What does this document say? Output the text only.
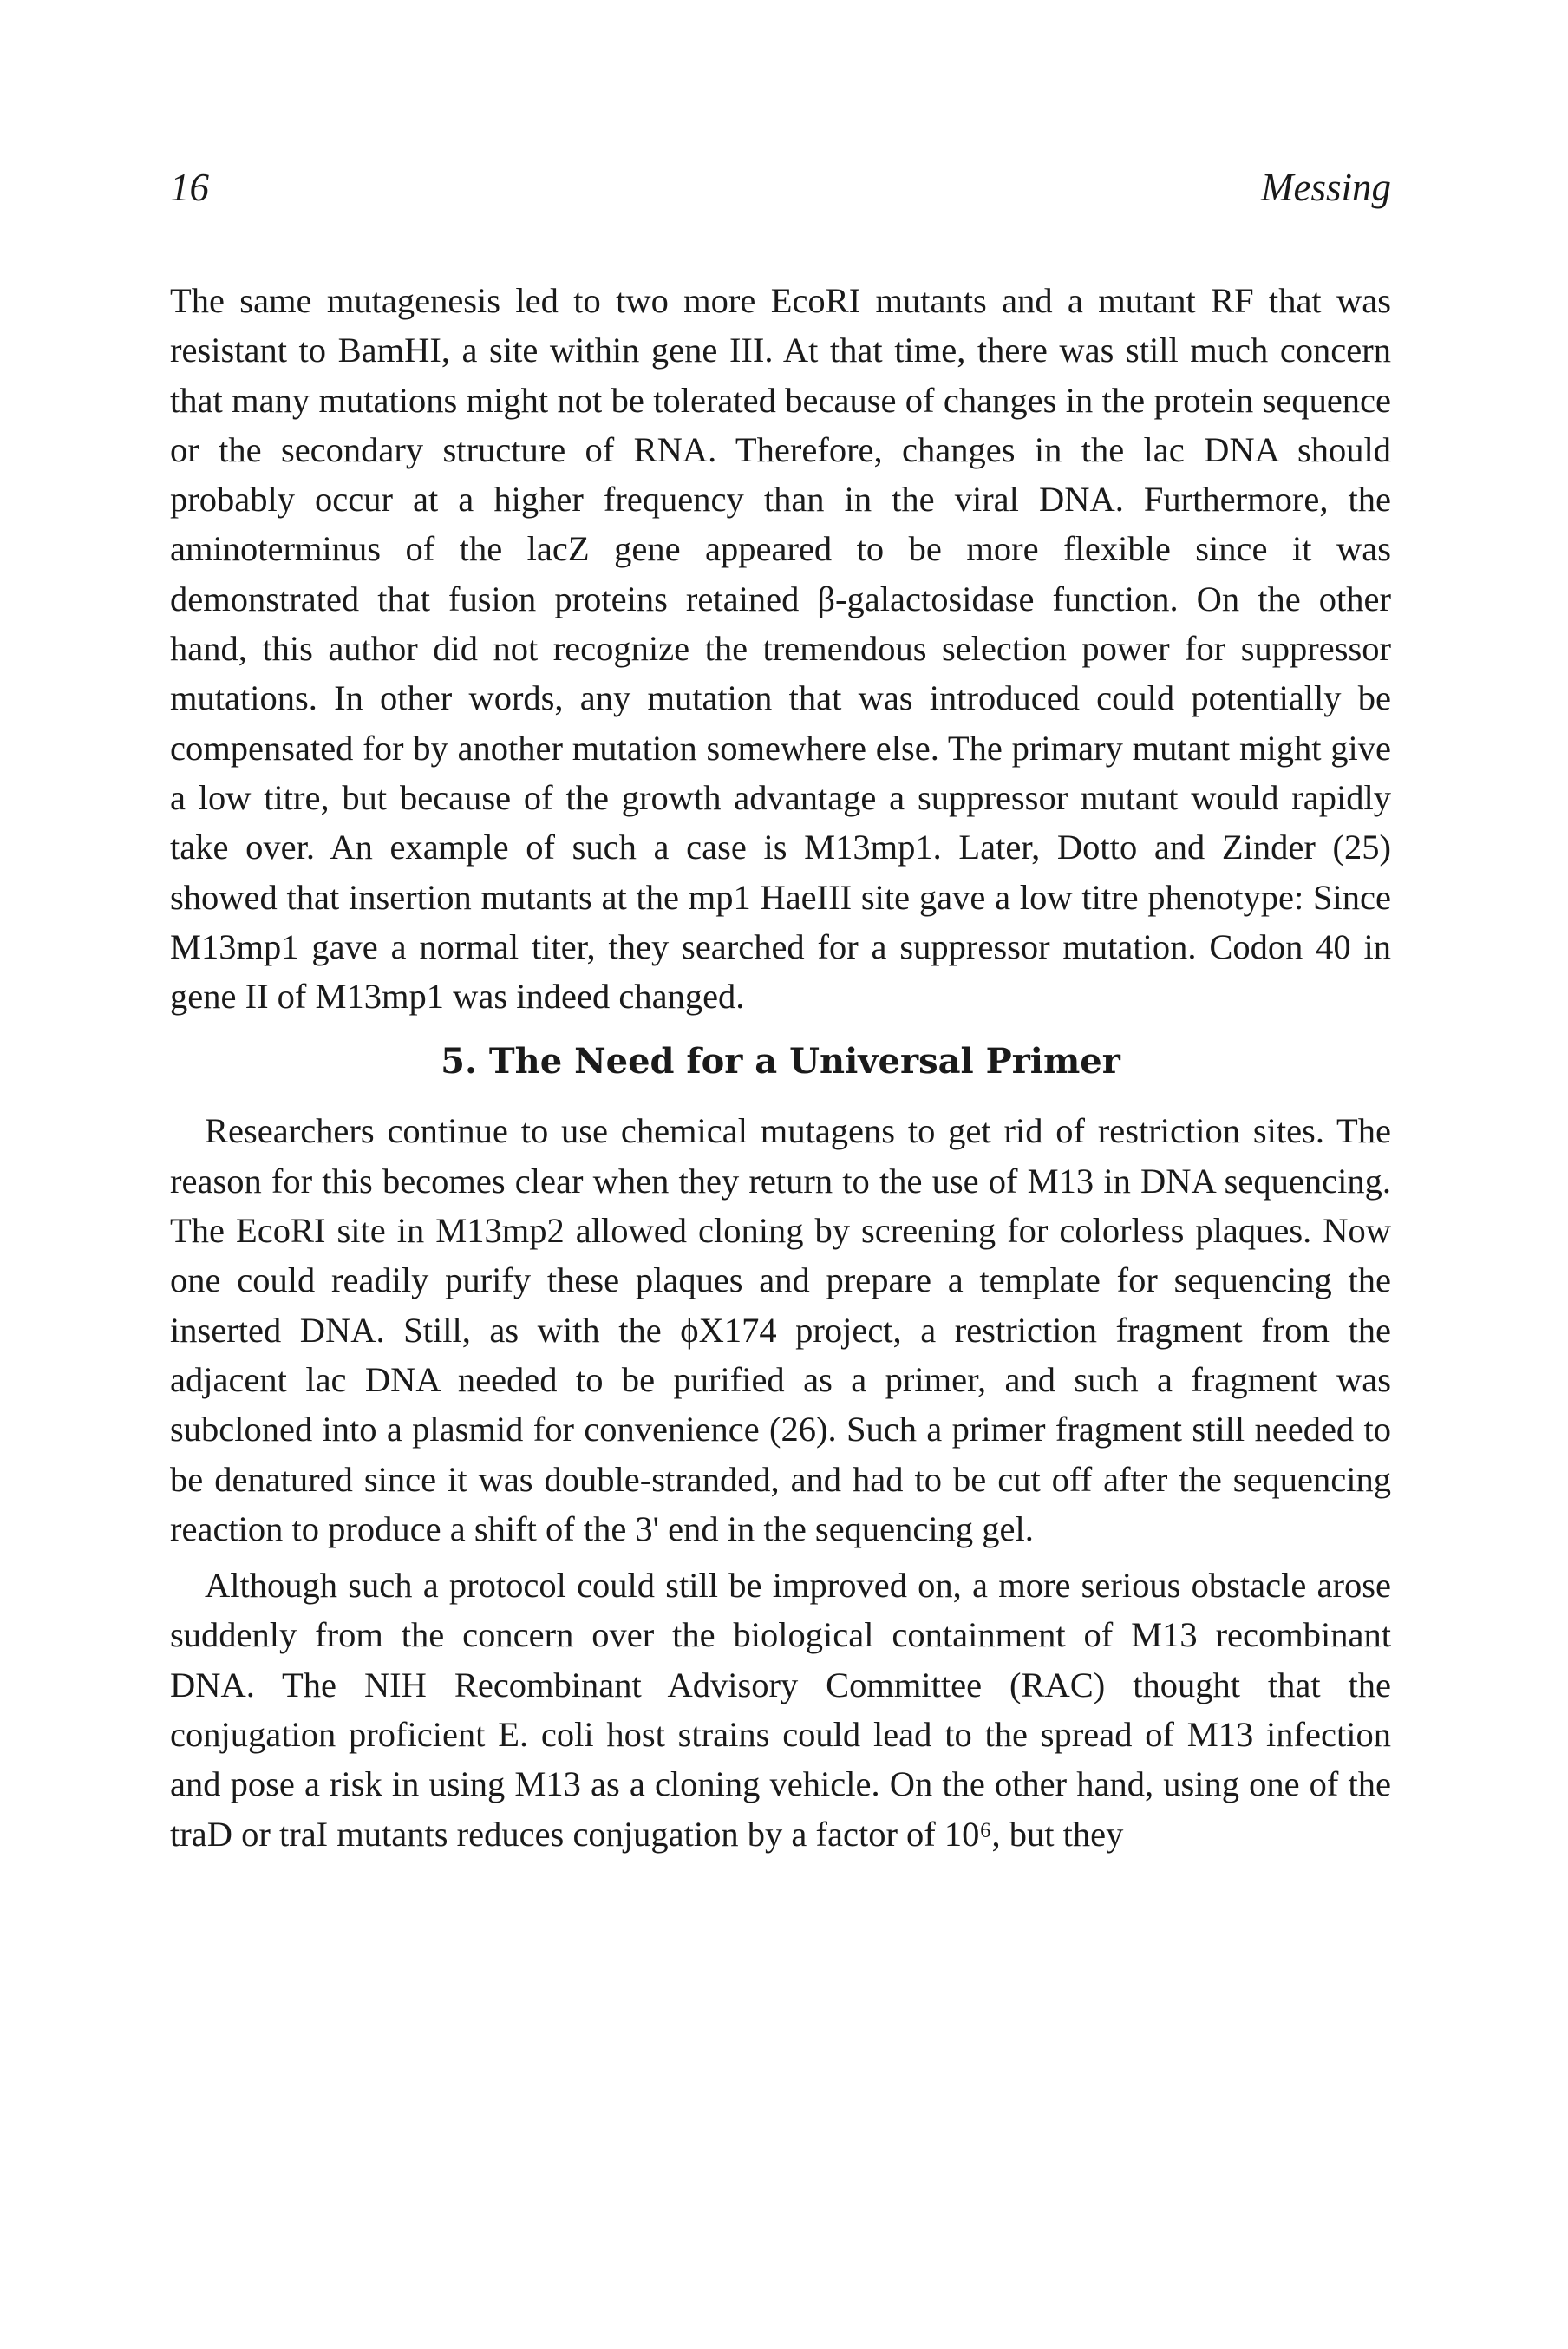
16	Messing

The same mutagenesis led to two more EcoRI mutants and a mutant RF that was resistant to BamHI, a site within gene III. At that time, there was still much concern that many mutations might not be tolerated because of changes in the protein sequence or the secondary structure of RNA. Therefore, changes in the lac DNA should probably occur at a higher frequency than in the viral DNA. Furthermore, the aminoterminus of the lacZ gene appeared to be more flexible since it was demonstrated that fusion proteins retained β-galactosidase function. On the other hand, this author did not recognize the tremendous selection power for suppressor mutations. In other words, any mutation that was introduced could potentially be compensated for by another mutation somewhere else. The primary mutant might give a low titre, but because of the growth advantage a suppressor mutant would rapidly take over. An example of such a case is M13mp1. Later, Dotto and Zinder (25) showed that insertion mutants at the mp1 HaeIII site gave a low titre phenotype: Since M13mp1 gave a normal titer, they searched for a suppressor mutation. Codon 40 in gene II of M13mp1 was indeed changed.

5. The Need for a Universal Primer

Researchers continue to use chemical mutagens to get rid of restriction sites. The reason for this becomes clear when they return to the use of M13 in DNA sequencing. The EcoRI site in M13mp2 allowed cloning by screening for colorless plaques. Now one could readily purify these plaques and prepare a template for sequencing the inserted DNA. Still, as with the ϕX174 project, a restriction fragment from the adjacent lac DNA needed to be purified as a primer, and such a fragment was subcloned into a plasmid for convenience (26). Such a primer fragment still needed to be denatured since it was double-stranded, and had to be cut off after the sequencing reaction to produce a shift of the 3' end in the sequencing gel.

Although such a protocol could still be improved on, a more serious obstacle arose suddenly from the concern over the biological containment of M13 recombinant DNA. The NIH Recombinant Advisory Committee (RAC) thought that the conjugation proficient E. coli host strains could lead to the spread of M13 infection and pose a risk in using M13 as a cloning vehicle. On the other hand, using one of the traD or traI mutants reduces conjugation by a factor of 10⁶, but they
